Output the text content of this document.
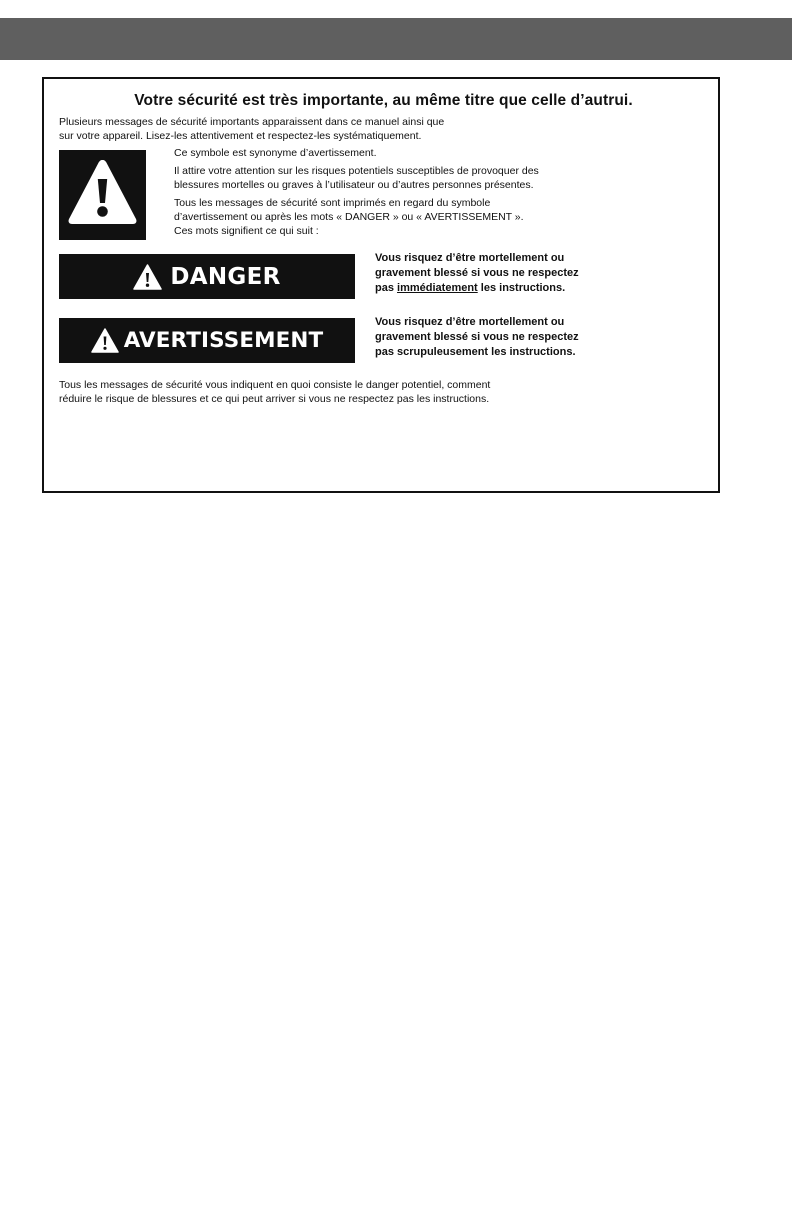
Votre sécurité est très importante, au même titre que celle d’autrui.

Plusieurs messages de sécurité importants apparaissent dans ce manuel ainsi que
sur votre appareil. Lisez-les attentivement et respectez-les systématiquement.

Ce symbole est synonyme d’avertissement.

Il attire votre attention sur les risques potentiels susceptibles de provoquer des

blessures mortelles ou graves à l’utilisateur ou d’autres personnes présentes.

Tous les messages de sécurité sont imprimés en regard du symbole

d’avertissement ou après les mots « DANGER » ou « AVERTISSEMENT ».

Ces mots signifient ce qui suit :

DANGER
Vous risquez d’être mortellement ou
gravement blessé si vous ne respectez
pas immédiatement les instructions.
AVERTISSEMENT
Vous risquez d’être mortellement ou
gravement blessé si vous ne respectez
pas scrupuleusement les instructions.

Tous les messages de sécurité vous indiquent en quoi consiste le danger potentiel, comment
réduire le risque de blessures et ce qui peut arriver si vous ne respectez pas les instructions.
